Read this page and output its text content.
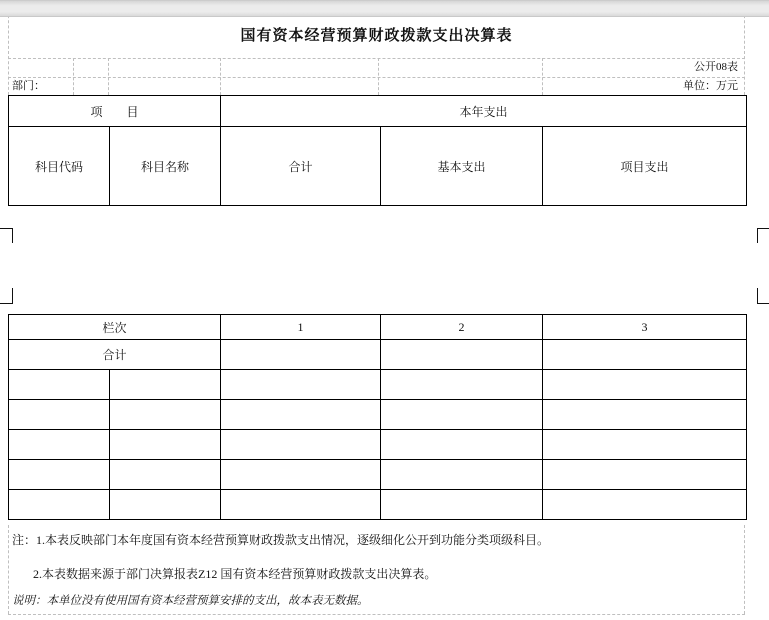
国有资本经营预算财政拨款支出决算表
公开08表
部门：	单位：万元
项　　目		本年支出		
科目代码	科目名称	合计	基本支出	项目支出
栏次		1	2	3
合计				

注：1.本表反映部门本年度国有资本经营预算财政拨款支出情况，逐级细化公开到功能分类项级科目。
2.本表数据来源于部门决算报表Z12 国有资本经营预算财政拨款支出决算表。
说明：本单位没有使用国有资本经营预算安排的支出，故本表无数据。
